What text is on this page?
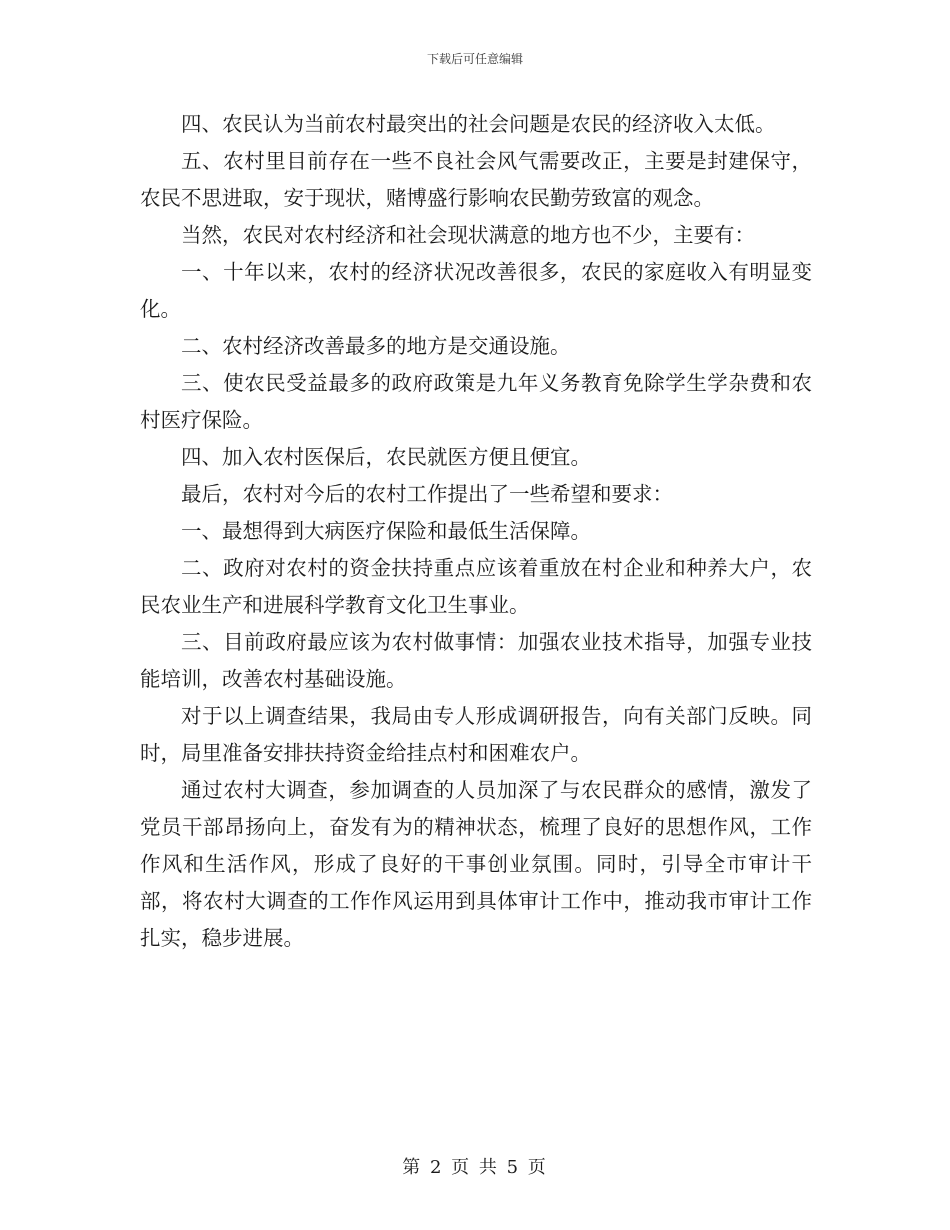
下载后可任意编辑

四、农民认为当前农村最突出的社会问题是农民的经济收入太低。

五、农村里目前存在一些不良社会风气需要改正，主要是封建保守，农民不思进取，安于现状，赌博盛行影响农民勤劳致富的观念。

当然，农民对农村经济和社会现状满意的地方也不少，主要有：

一、十年以来，农村的经济状况改善很多，农民的家庭收入有明显变化。

二、农村经济改善最多的地方是交通设施。

三、使农民受益最多的政府政策是九年义务教育免除学生学杂费和农村医疗保险。

四、加入农村医保后，农民就医方便且便宜。

最后，农村对今后的农村工作提出了一些希望和要求：

一、最想得到大病医疗保险和最低生活保障。

二、政府对农村的资金扶持重点应该着重放在村企业和种养大户，农民农业生产和进展科学教育文化卫生事业。

三、目前政府最应该为农村做事情：加强农业技术指导，加强专业技能培训，改善农村基础设施。

对于以上调查结果，我局由专人形成调研报告，向有关部门反映。同时，局里准备安排扶持资金给挂点村和困难农户。

通过农村大调查，参加调查的人员加深了与农民群众的感情，激发了党员干部昂扬向上，奋发有为的精神状态，梳理了良好的思想作风，工作作风和生活作风，形成了良好的干事创业氛围。同时，引导全市审计干部，将农村大调查的工作作风运用到具体审计工作中，推动我市审计工作扎实，稳步进展。

第 2 页 共 5 页
